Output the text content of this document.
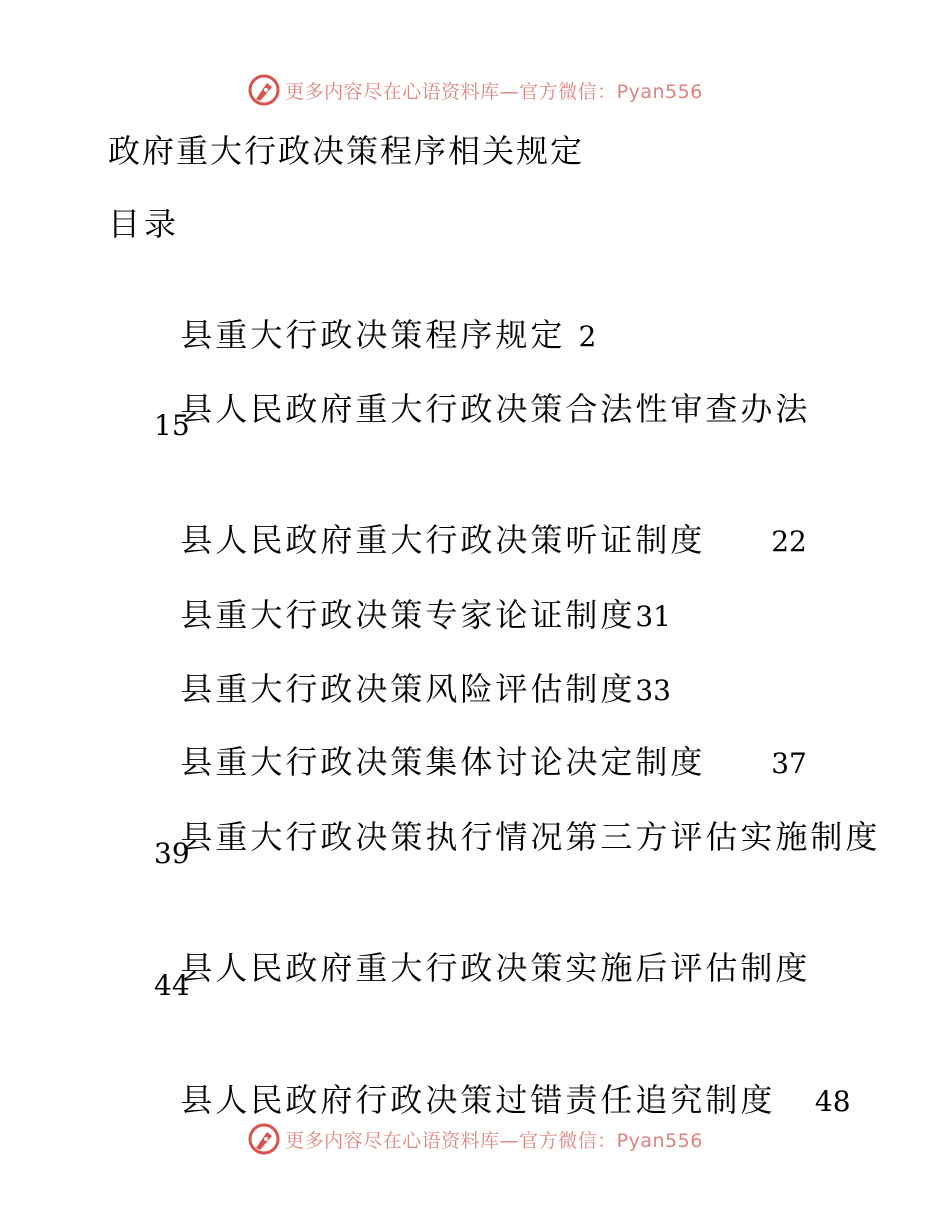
更多内容尽在心语资料库—官方微信：Pyan556
政府重大行政决策程序相关规定
目录

县重大行政决策程序规定 2

县人民政府重大行政决策合法性审查办法

15

县人民政府重大行政决策听证制度     22

县重大行政决策专家论证制度31

县重大行政决策风险评估制度33

县重大行政决策集体讨论决定制度     37

县重大行政决策执行情况第三方评估实施制度

39

县人民政府重大行政决策实施后评估制度

44

县人民政府行政决策过错责任追究制度   48

更多内容尽在心语资料库—官方微信：Pyan556
